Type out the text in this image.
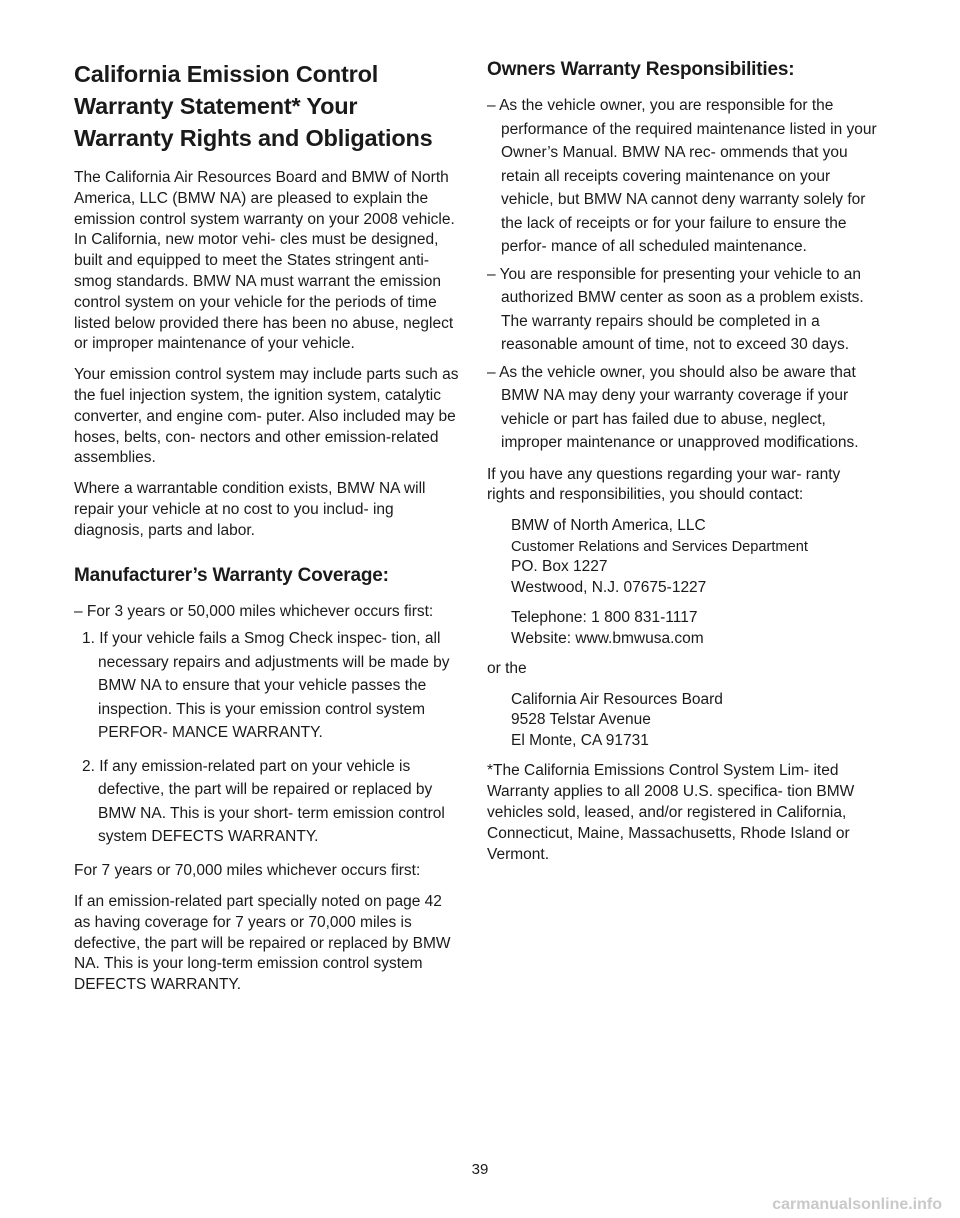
California Emission Control Warranty Statement* Your Warranty Rights and Obligations

The California Air Resources Board and BMW of North America, LLC (BMW NA) are pleased to explain the emission control system warranty on your 2008 vehicle. In California, new motor vehi- cles must be designed, built and equipped to meet the States stringent anti-smog standards. BMW NA must warrant the emission control system on your vehicle for the periods of time listed below provided there has been no abuse, neglect or improper maintenance of your vehicle.

Your emission control system may include parts such as the fuel injection system, the ignition system, catalytic converter, and engine com- puter. Also included may be hoses, belts, con- nectors and other emission-related assemblies.

Where a warrantable condition exists, BMW NA will repair your vehicle at no cost to you includ- ing diagnosis, parts and labor.

Manufacturer’s Warranty Coverage:
– For 3 years or 50,000 miles whichever occurs first:
1. If your vehicle fails a Smog Check inspec- tion, all necessary repairs and adjustments will be made by BMW NA to ensure that your vehicle passes the inspection. This is your emission control system PERFOR- MANCE WARRANTY.
2. If any emission-related part on your vehicle is defective, the part will be repaired or replaced by BMW NA. This is your short- term emission control system DEFECTS WARRANTY.

For 7 years or 70,000 miles whichever occurs first:

If an emission-related part specially noted on page 42 as having coverage for 7 years or 70,000 miles is defective, the part will be repaired or replaced by BMW NA. This is your long-term emission control system DEFECTS WARRANTY.

Owners Warranty Responsibilities:
– As the vehicle owner, you are responsible for the performance of the required maintenance listed in your Owner’s Manual. BMW NA rec- ommends that you retain all receipts covering maintenance on your vehicle, but BMW NA cannot deny warranty solely for the lack of receipts or for your failure to ensure the perfor- mance of all scheduled maintenance.
– You are responsible for presenting your vehicle to an authorized BMW center as soon as a problem exists. The warranty repairs should be completed in a reasonable amount of time, not to exceed 30 days.
– As the vehicle owner, you should also be aware that BMW NA may deny your warranty coverage if your vehicle or part has failed due to abuse, neglect, improper maintenance or unapproved modifications.

If you have any questions regarding your war- ranty rights and responsibilities, you should contact:

BMW of North America, LLC
Customer Relations and Services Department
PO. Box 1227
Westwood, N.J. 07675-1227
Telephone: 1 800 831-1117
Website: www.bmwusa.com

or the

California Air Resources Board
9528 Telstar Avenue
El Monte, CA 91731

*The California Emissions Control System Lim- ited Warranty applies to all 2008 U.S. specifica- tion BMW vehicles sold, leased, and/or registered in California, Connecticut, Maine, Massachusetts, Rhode Island or Vermont.

39
carmanualsonline.info
